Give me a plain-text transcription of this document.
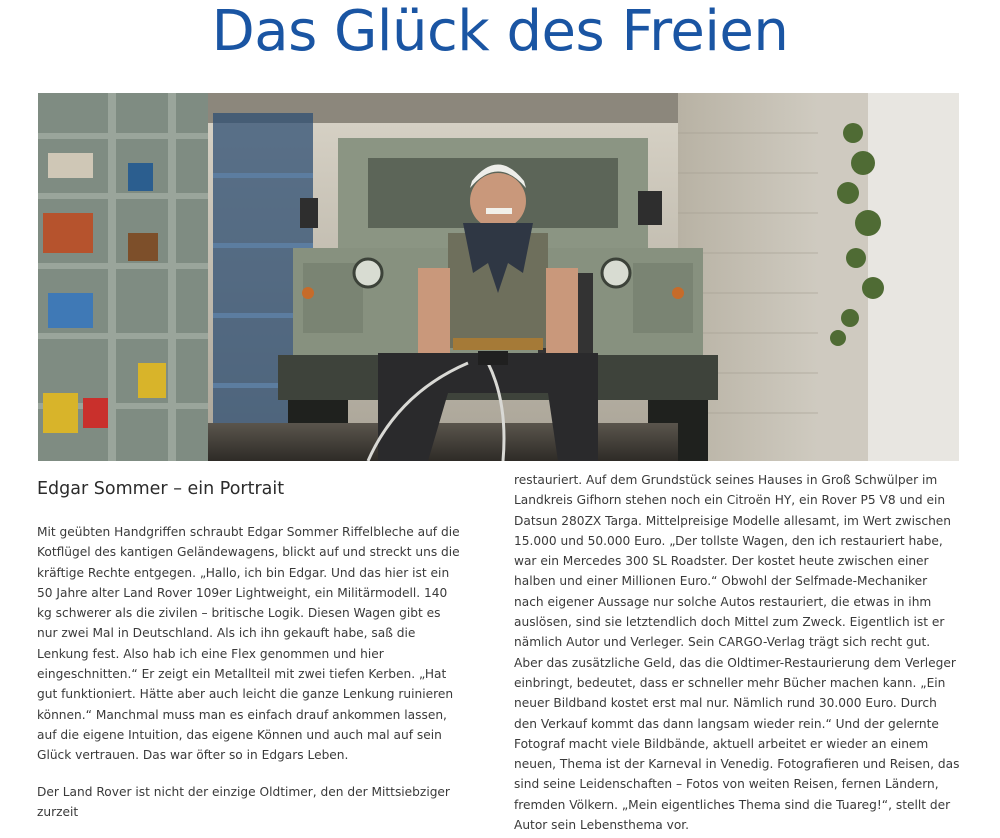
Das Glück des Freien
Edgar Sommer – ein Portrait

Mit geübten Handgriffen schraubt Edgar Sommer Riffelbleche auf die Kotflügel des kantigen Geländewagens, blickt auf und streckt uns die kräftige Rechte entgegen. „Hallo, ich bin Edgar. Und das hier ist ein 50 Jahre alter Land Rover 109er Lightweight, ein Militärmodell. 140 kg schwerer als die zivilen – britische Logik. Diesen Wagen gibt es nur zwei Mal in Deutschland. Als ich ihn gekauft habe, saß die Lenkung fest. Also hab ich eine Flex genommen und hier eingeschnitten.“ Er zeigt ein Metallteil mit zwei tiefen Kerben. „Hat gut funktioniert. Hätte aber auch leicht die ganze Lenkung ruinieren können.“ Manchmal muss man es einfach drauf ankommen lassen, auf die eigene Intuition, das eigene Können und auch mal auf sein Glück vertrauen. Das war öfter so in Edgars Leben.

Der Land Rover ist nicht der einzige Oldtimer, den der Mittsiebziger zurzeit

restauriert. Auf dem Grundstück seines Hauses in Groß Schwülper im Landkreis Gifhorn stehen noch ein Citroën HY, ein Rover P5 V8 und ein Datsun 280ZX Targa. Mittelpreisige Modelle allesamt, im Wert zwischen 15.000 und 50.000 Euro. „Der tollste Wagen, den ich restauriert habe, war ein Mercedes 300 SL Roadster. Der kostet heute zwischen einer halben und einer Millionen Euro.“ Obwohl der Selfmade-Mechaniker nach eigener Aussage nur solche Autos restauriert, die etwas in ihm auslösen, sind sie letztendlich doch Mittel zum Zweck. Eigentlich ist er nämlich Autor und Verleger. Sein CARGO-Verlag trägt sich recht gut. Aber das zusätzliche Geld, das die Oldtimer-Restaurierung dem Verleger einbringt, bedeutet, dass er schneller mehr Bücher machen kann. „Ein neuer Bildband kostet erst mal nur. Nämlich rund 30.000 Euro. Durch den Verkauf kommt das dann langsam wieder rein.“ Und der gelernte Fotograf macht viele Bildbände, aktuell arbeitet er wieder an einem neuen, Thema ist der Karneval in Venedig. Fotografieren und Reisen, das sind seine Leidenschaften – Fotos von weiten Reisen, fernen Ländern, fremden Völkern. „Mein eigentliches Thema sind die Tuareg!“, stellt der Autor sein Lebensthema vor.
